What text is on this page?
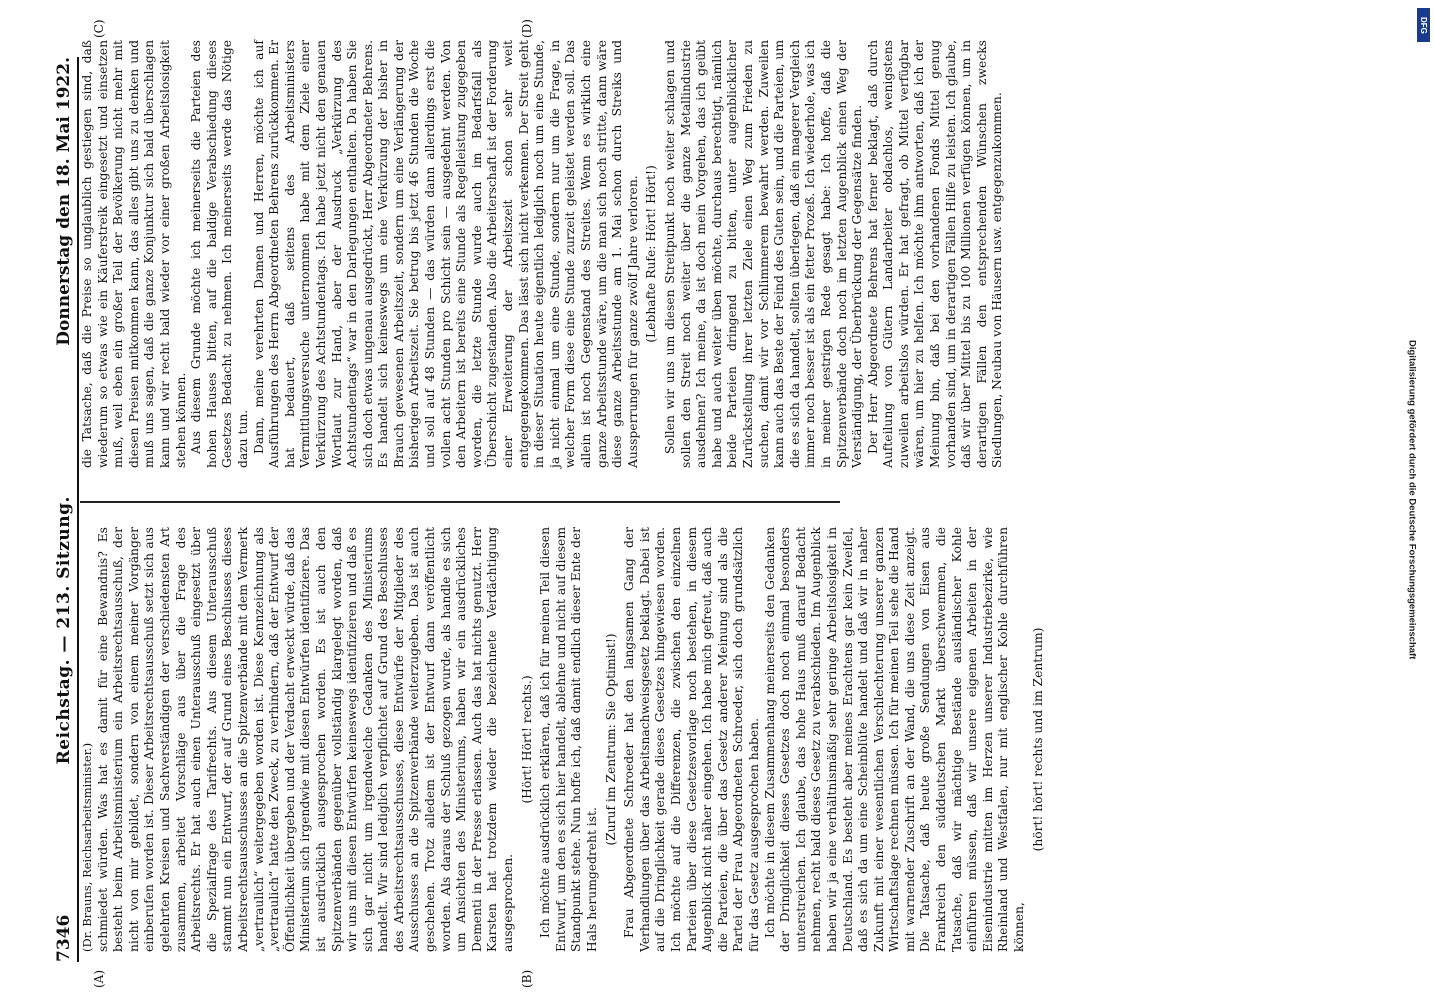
7346
Reichstag. — 213. Sitzung.
Donnerstag den 18. Mai 1922.
(A)	(B)
(C)	(D)

(Dr. Brauns, Reichsarbeitsminister.) schmiedet würden. Was hat es damit für eine Bewandnis? Es besteht beim Arbeitsministerium ein Arbeitsrechtsausschuß, der nicht von mir gebildet, sondern von einem meiner Vorgänger einberufen worden ist. Dieser Arbeitsrechtsausschuß setzt sich aus gelehrten Kreisen und Sachverständigen der verschiedensten Art zusammen, arbeitet Vorschläge aus über die Frage des Arbeitsrechts. Er hat auch einen Unterausschuß eingesetzt über die Spezialfrage des Tarifrechts. Aus diesem Unterausschuß stammt nun ein Entwurf, der auf Grund eines Beschlusses dieses Arbeitsrechtsausschusses an die Spitzenverbände mit dem Vermerk „vertraulich“ weitergegeben worden ist. Diese Kennzeichnung als „vertraulich“ hatte den Zweck, zu verhindern, daß der Entwurf der Öffentlichkeit übergeben und der Verdacht erweckt würde, daß das Ministerium sich irgendwie mit diesen Entwürfen identifiziere. Das ist ausdrücklich ausgesprochen worden. Es ist auch den Spitzenverbänden gegenüber vollständig klargelegt worden, daß wir uns mit diesen Entwürfen keineswegs identifizieren und daß es sich gar nicht um irgendwelche Gedanken des Ministeriums handelt. Wir sind lediglich verpflichtet auf Grund des Beschlusses des Arbeitsrechtsausschusses, diese Entwürfe der Mitglieder des Ausschusses an die Spitzenverbände weiterzugeben. Das ist auch geschehen. Trotz alledem ist der Entwurf dann veröffentlicht worden. Als daraus der Schluß gezogen wurde, als handle es sich um Ansichten des Ministeriums, haben wir ein ausdrückliches Dementi in der Presse erlassen. Auch das hat nichts genutzt. Herr Karsten hat trotzdem wieder die bezeichnete Verdächtigung ausgesprochen.

(Hört! Hört! rechts.) Ich möchte ausdrücklich erklären, daß ich für meinen Teil diesen Entwurf, um den es sich hier handelt, ablehne und nicht auf diesem Standpunkt stehe. Nun hoffe ich, daß damit endlich dieser Ente der Hals herumgedreht ist.

(Zuruf im Zentrum: Sie Optimist!) Frau Abgeordnete Schroeder hat den langsamen Gang der Verhandlungen über das Arbeitsnachweisgesetz beklagt. Dabei ist auf die Dringlichkeit gerade dieses Gesetzes hingewiesen worden. Ich möchte auf die Differenzen, die zwischen den einzelnen Parteien über diese Gesetzesvorlage noch bestehen, in diesem Augenblick nicht näher eingehen. Ich habe mich gefreut, daß auch die Parteien, die über das Gesetz anderer Meinung sind als die Partei der Frau Abgeordneten Schroeder, sich doch grundsätzlich für das Gesetz ausgesprochen haben. Ich möchte in diesem Zusammenhang meinerseits den Gedanken der Dringlichkeit dieses Gesetzes doch noch einmal besonders unterstreichen. Ich glaube, das hohe Haus muß darauf Bedacht nehmen, recht bald dieses Gesetz zu verabschieden. Im Augenblick haben wir ja eine verhältnismäßig sehr geringe Arbeitslosigkeit in Deutschland. Es besteht aber meines Erachtens gar kein Zweifel, daß es sich da um eine Scheinblüte handelt und daß wir in naher Zukunft mit einer wesentlichen Verschlechterung unserer ganzen Wirtschaftslage rechnen müssen. Ich für meinen Teil sehe die Hand mit warnender Zuschrift an der Wand, die uns diese Zeit anzeigt. Die Tatsache, daß heute große Sendungen von Eisen aus Frankreich den süddeutschen Markt überschwemmen, die Tatsache, daß wir mächtige Bestände ausländischer Kohle einführen müssen, daß wir unsere eigenen Arbeiten in der Eisenindustrie mitten im Herzen unserer Industriebezirke, wie Rheinland und Westfalen, nur mit englischer Kohle durchführen können,

(hört! hört! rechts und im Zentrum)

die Tatsache, daß die Preise so unglaublich gestiegen sind, daß wiederum so etwas wie ein Käuferstreik eingesetzt und einsetzen muß, weil eben ein großer Teil der Bevölkerung nicht mehr mit diesen Preisen mitkommen kann, das alles gibt uns zu denken und muß uns sagen, daß die ganze Konjunktur sich bald überschlagen kann und wir recht bald wieder vor einer großen Arbeitslosigkeit stehen können. Aus diesem Grunde möchte ich meinerseits die Parteien des hohen Hauses bitten, auf die baldige Verabschiedung dieses Gesetzes Bedacht zu nehmen. Ich meinerseits werde das Nötige dazu tun. Dann, meine verehrten Damen und Herren, möchte ich auf Ausführungen des Herrn Abgeordneten Behrens zurückkommen. Er hat bedauert, daß seitens des Arbeitsministers Vermittlungsversuche unternommen habe mit dem Ziele einer Verkürzung des Achtstundentags. Ich habe jetzt nicht den genauen Wortlaut zur Hand, aber der Ausdruck „Verkürzung des Achtstundentags“ war in den Darlegungen enthalten. Da haben Sie sich doch etwas ungenau ausgedrückt, Herr Abgeordneter Behrens. Es handelt sich keineswegs um eine Verkürzung der bisher in Brauch gewesenen Arbeitszeit, sondern um eine Verlängerung der bisherigen Arbeitszeit. Sie betrug bis jetzt 46 Stunden die Woche und soll auf 48 Stunden — das würden dann allerdings erst die vollen acht Stunden pro Schicht sein — ausgedehnt werden. Von den Arbeitern ist bereits eine Stunde als Regelleistung zugegeben worden, die letzte Stunde wurde auch im Bedarfsfall als Überschicht zugestanden. Also die Arbeiterschaft ist der Forderung einer Erweiterung der Arbeitszeit schon sehr weit entgegengekommen. Das lässt sich nicht verkennen. Der Streit geht in dieser Situation heute eigentlich lediglich noch um eine Stunde, ja nicht einmal um eine Stunde, sondern nur um die Frage, in welcher Form diese eine Stunde zurzeit geleistet werden soll. Das allein ist noch Gegenstand des Streites. Wenn es wirklich eine ganze Arbeitsstunde wäre, um die man sich noch stritte, dann wäre diese ganze Arbeitsstunde am 1. Mai schon durch Streiks und Aussperrungen für ganze zwölf Jahre verloren. (Lebhafte Rufe: Hört! Hört!) Sollen wir uns um diesen Streitpunkt noch weiter schlagen und sollen den Streit noch weiter über die ganze Metallindustrie ausdehnen? Ich meine, da ist doch mein Vorgehen, das ich geübt habe und auch weiter üben möchte, durchaus berechtigt, nämlich beide Parteien dringend zu bitten, unter augenblicklicher Zurückstellung ihrer letzten Ziele einen Weg zum Frieden zu suchen, damit wir vor Schlimmerem bewahrt werden. Zuweilen kann auch das Beste der Feind des Guten sein, und die Parteien, um die es sich da handelt, sollten überlegen, daß ein magerer Vergleich immer noch besser ist als ein fetter Prozeß. Ich wiederhole, was ich in meiner gestrigen Rede gesagt habe: Ich hoffe, daß die Spitzenverbände doch noch im letzten Augenblick einen Weg der Verständigung, der Überbrückung der Gegensätze finden. Der Herr Abgeordnete Behrens hat ferner beklagt, daß durch Aufteilung von Gütern Landarbeiter obdachlos, wenigstens zuweilen arbeitslos würden. Er hat gefragt, ob Mittel verfügbar wären, um hier zu helfen. Ich möchte ihm antworten, daß ich der Meinung bin, daß bei den vorhandenen Fonds Mittel genug vorhanden sind, um in derartigen Fällen Hilfe zu leisten. Ich glaube, daß wir über Mittel bis zu 100 Millionen verfügen können, um in derartigen Fällen den entsprechenden Wünschen zwecks Siedlungen, Neubau von Häusern usw. entgegenzukommen.

Digitalisierung gefördert durch die Deutsche Forschungsgemeinschaft
DFG
